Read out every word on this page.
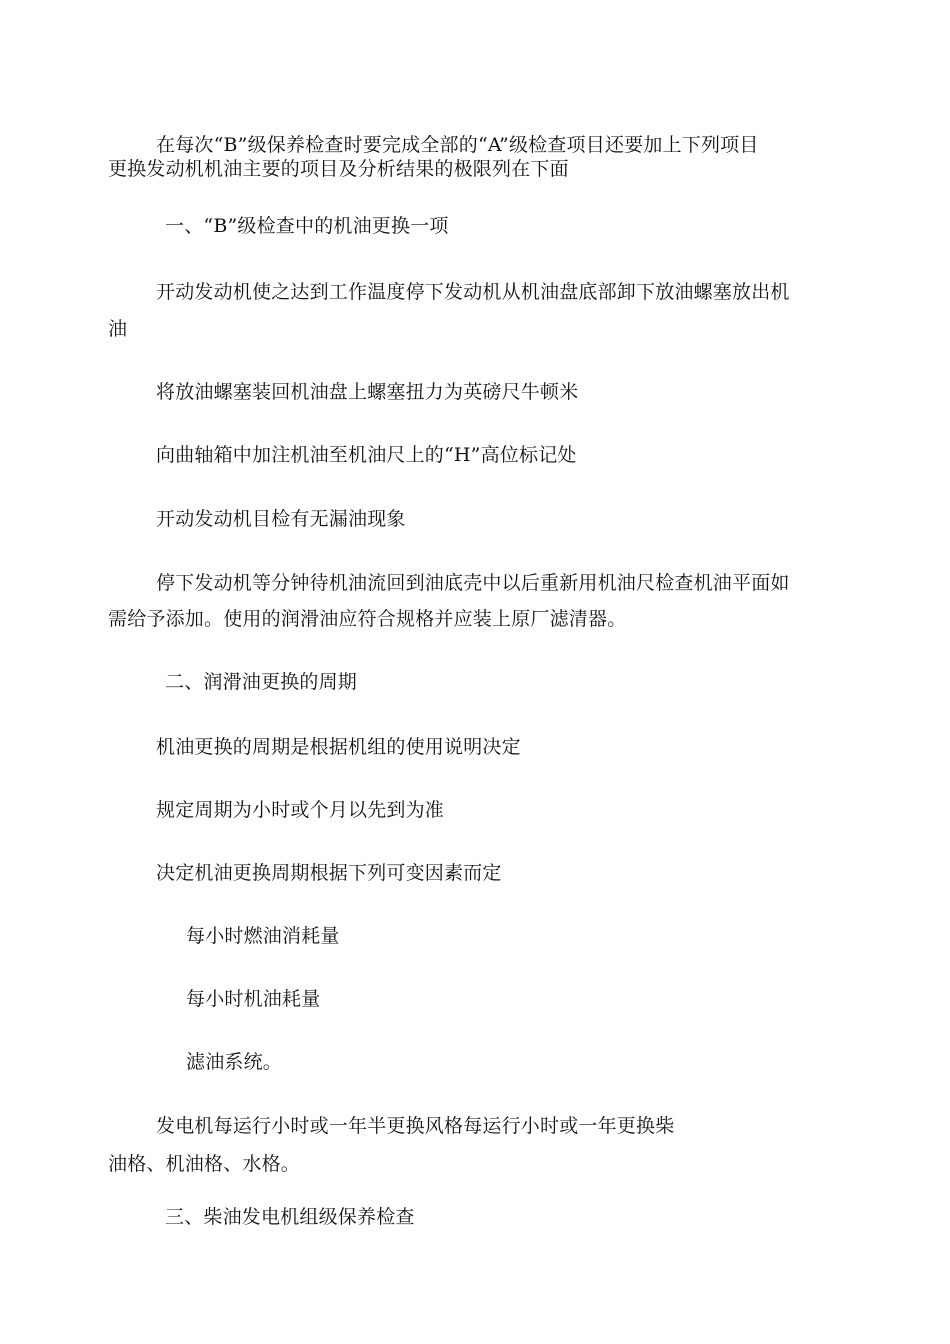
在每次“B”级保养检查时要完成全部的“A”级检查项目还要加上下列项目
更换发动机机油主要的项目及分析结果的极限列在下面
一、“B”级检查中的机油更换一项
开动发动机使之达到工作温度停下发动机从机油盘底部卸下放油螺塞放出机
油
将放油螺塞装回机油盘上螺塞扭力为英磅尺牛顿米
向曲轴箱中加注机油至机油尺上的“H”高位标记处
开动发动机目检有无漏油现象
停下发动机等分钟待机油流回到油底壳中以后重新用机油尺检查机油平面如
需给予添加。使用的润滑油应符合规格并应装上原厂滤清器。
二、润滑油更换的周期
机油更换的周期是根据机组的使用说明决定
规定周期为小时或个月以先到为准
决定机油更换周期根据下列可变因素而定
每小时燃油消耗量
每小时机油耗量
滤油系统。
发电机每运行小时或一年半更换风格每运行小时或一年更换柴
油格、机油格、水格。
三、柴油发电机组级保养检查
